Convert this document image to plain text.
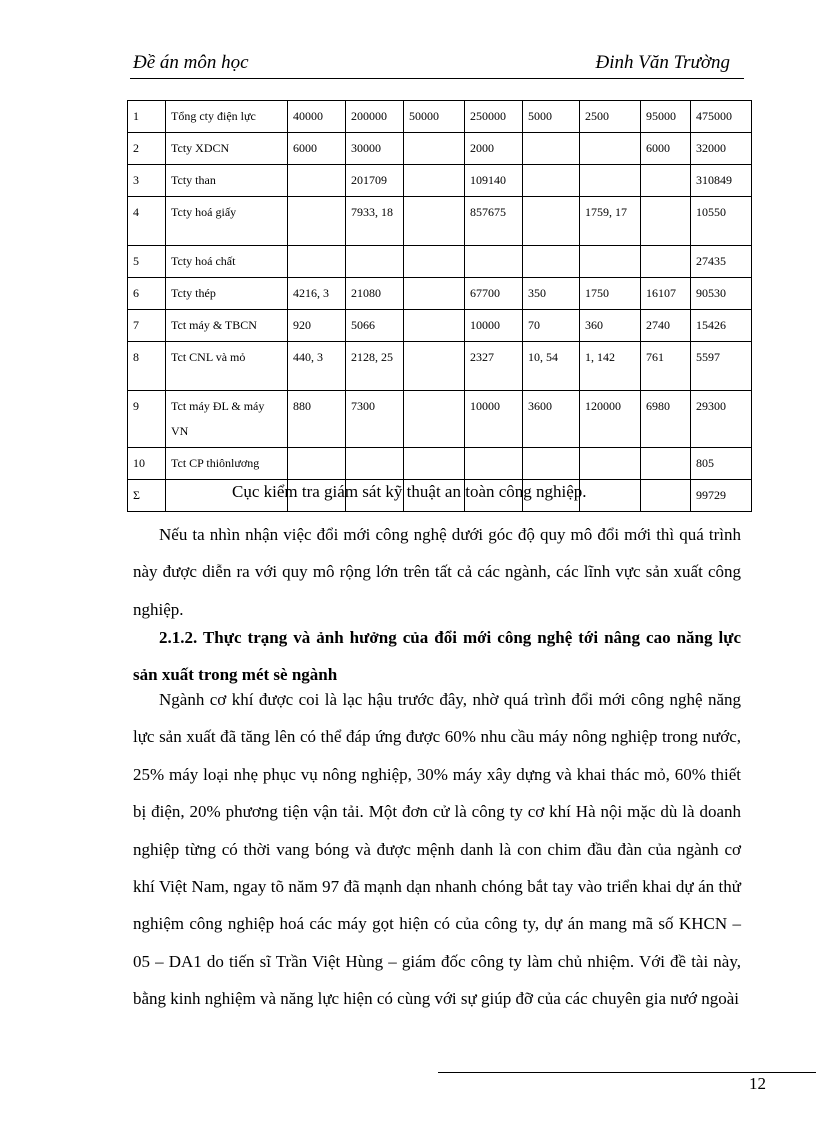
Đề án môn học	Đinh Văn Trường
1	Tổng cty điện lực	40000	200000	50000	250000	5000	2500	95000	475000
2	Tcty XDCN	6000	30000		2000			6000	32000
3	Tcty than		201709		109140				310849
4	Tcty hoá giấy		7933, 18		857675		1759, 17		10550
5	Tcty hoá chất								27435
6	Tcty thép	4216, 3	21080		67700	350	1750	16107	90530
7	Tct máy & TBCN	920	5066		10000	70	360	2740	15426
8	Tct CNL và mỏ	440, 3	2128, 25		2327	10, 54	1, 142	761	5597
9	Tct máy ĐL & máy VN	880	7300		10000	3600	120000	6980	29300
10	Tct CP thiônlương								805
Σ									99729
Cục kiểm tra giám sát kỹ thuật an toàn công nghiệp.

Nếu ta nhìn nhận việc đổi mới công nghệ dưới góc độ quy mô đổi mới thì quá trình này được diễn ra với quy mô rộng lớn trên tất cả các ngành, các lĩnh vực sản xuất công nghiệp.

2.1.2. Thực trạng và ảnh hưởng của đổi mới công nghệ tới nâng cao năng lực sản xuất trong mét sè ngành

Ngành cơ khí được coi là lạc hậu trước đây, nhờ quá trình đổi mới công nghệ năng lực sản xuất đã tăng lên có thể đáp ứng được 60% nhu cầu máy nông nghiệp trong nước, 25% máy loại nhẹ phục vụ nông nghiệp, 30% máy xây dựng và khai thác mỏ, 60% thiết bị điện, 20% phương tiện vận tải. Một đơn cử là công ty cơ khí Hà nội mặc dù là doanh nghiệp từng có thời vang bóng và được mệnh danh là con chim đầu đàn của ngành cơ khí Việt Nam, ngay tõ năm 97 đã mạnh dạn nhanh chóng bắt tay vào triển khai dự án thử nghiệm công nghiệp hoá các máy gọt hiện có của công ty, dự án mang mã số KHCN – 05 – DA1 do tiến sĩ Trần Việt Hùng – giám đốc công ty làm chủ nhiệm. Với đề tài này, bằng kinh nghiệm và năng lực hiện có cùng với sự giúp đỡ của các chuyên gia nướ ngoài

12
